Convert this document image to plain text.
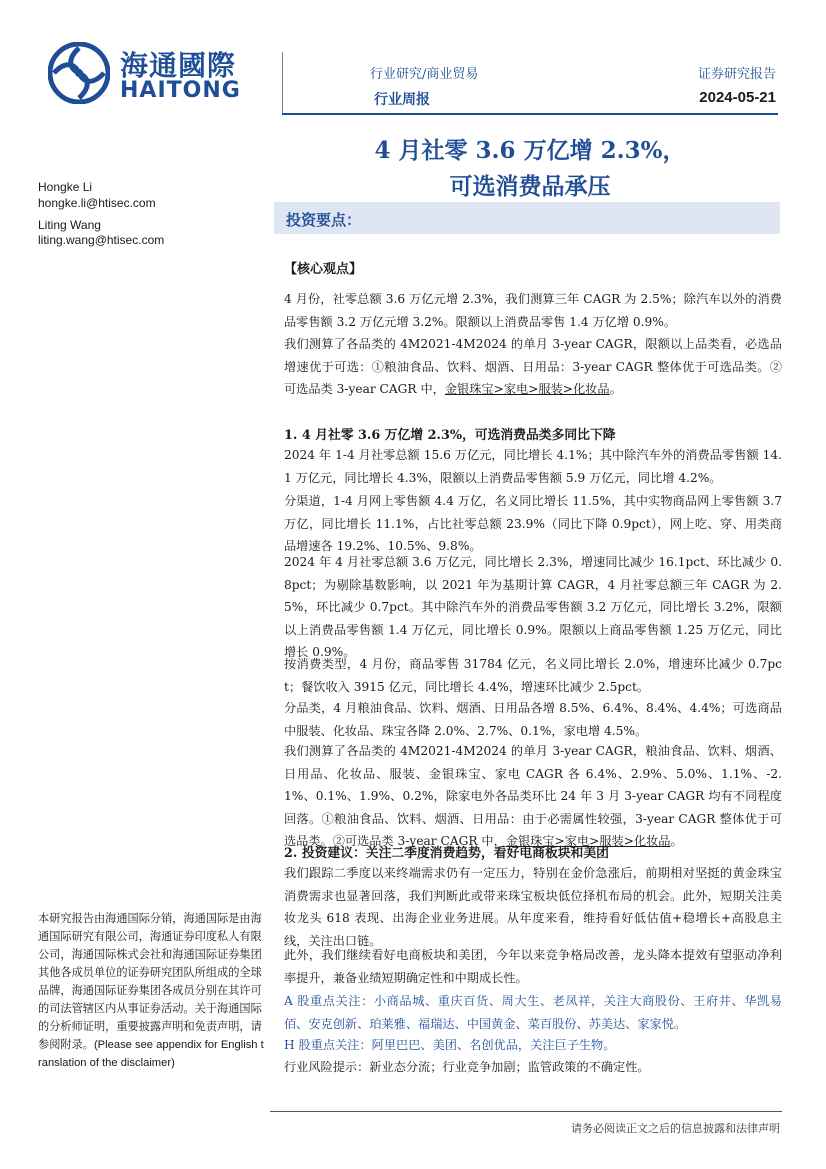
海通國際
HAITONG
行业研究/商业贸易
行业周报
证券研究报告
2024-05-21
4 月社零 3.6 万亿增 2.3%，
可选消费品承压
Hongke Li
hongke.li@htisec.com
Liting Wang
liting.wang@htisec.com
投资要点：
【核心观点】

4 月份，社零总额 3.6 万亿元增 2.3%，我们测算三年 CAGR 为 2.5%；除汽车以外的消费品零售额 3.2 万亿元增 3.2%。限额以上消费品零售 1.4 万亿增 0.9%。

我们测算了各品类的 4M2021-4M2024 的单月 3-year CAGR，限额以上品类看，必选品增速优于可选：①粮油食品、饮料、烟酒、日用品：3-year CAGR 整体优于可选品类。②可选品类 3-year CAGR 中，金银珠宝>家电>服装>化妆品。

1. 4 月社零 3.6 万亿增 2.3%，可选消费品类多同比下降

2024 年 1-4 月社零总额 15.6 万亿元，同比增长 4.1%；其中除汽车外的消费品零售额 14.1 万亿元，同比增长 4.3%，限额以上消费品零售额 5.9 万亿元，同比增 4.2%。

分渠道，1-4 月网上零售额 4.4 万亿，名义同比增长 11.5%，其中实物商品网上零售额 3.7 万亿，同比增长 11.1%，占比社零总额 23.9%（同比下降 0.9pct），网上吃、穿、用类商品增速各 19.2%、10.5%、9.8%。

2024 年 4 月社零总额 3.6 万亿元，同比增长 2.3%，增速同比减少 16.1pct、环比减少 0.8pct；为剔除基数影响，以 2021 年为基期计算 CAGR，4 月社零总额三年 CAGR 为 2.5%，环比减少 0.7pct。其中除汽车外的消费品零售额 3.2 万亿元，同比增长 3.2%，限额以上消费品零售额 1.4 万亿元，同比增长 0.9%。限额以上商品零售额 1.25 万亿元，同比增长 0.9%。

按消费类型，4 月份，商品零售 31784 亿元，名义同比增长 2.0%，增速环比减少 0.7pct；餐饮收入 3915 亿元，同比增长 4.4%，增速环比减少 2.5pct。

分品类，4 月粮油食品、饮料、烟酒、日用品各增 8.5%、6.4%、8.4%、4.4%；可选商品中服装、化妆品、珠宝各降 2.0%、2.7%、0.1%，家电增 4.5%。

我们测算了各品类的 4M2021-4M2024 的单月 3-year CAGR，粮油食品、饮料、烟酒、日用品、化妆品、服装、金银珠宝、家电 CAGR 各 6.4%、2.9%、5.0%、1.1%、-2.1%、0.1%、1.9%、0.2%，除家电外各品类环比 24 年 3 月 3-year CAGR 均有不同程度回落。①粮油食品、饮料、烟酒、日用品：由于必需属性较强，3-year CAGR 整体优于可选品类。②可选品类 3-year CAGR 中，金银珠宝>家电>服装>化妆品。

2. 投资建议：关注二季度消费趋势，看好电商板块和美团

我们跟踪二季度以来终端需求仍有一定压力，特别在金价急涨后，前期相对坚挺的黄金珠宝消费需求也显著回落，我们判断此或带来珠宝板块低位择机布局的机会。此外，短期关注美妆龙头 618 表现、出海企业业务进展。从年度来看，维持看好低估值+稳增长+高股息主线，关注出口链。

此外，我们继续看好电商板块和美团，今年以来竞争格局改善，龙头降本提效有望驱动净利率提升，兼备业绩短期确定性和中期成长性。

A 股重点关注：小商品城、重庆百货、周大生、老凤祥，关注大商股份、王府井、华凯易佰、安克创新、珀莱雅、福瑞达、中国黄金、菜百股份、苏美达、家家悦。

H 股重点关注：阿里巴巴、美团、名创优品，关注巨子生物。

行业风险提示：新业态分流；行业竞争加剧；监管政策的不确定性。

本研究报告由海通国际分销，海通国际是由海通国际研究有限公司，海通证券印度私人有限公司，海通国际株式会社和海通国际证券集团其他各成员单位的证券研究团队所组成的全球品牌，海通国际证券集团各成员分别在其许可的司法管辖区内从事证券活动。关于海通国际的分析师证明，重要披露声明和免责声明，请参阅附录。(Please see appendix for English translation of the disclaimer)

请务必阅读正文之后的信息披露和法律声明
